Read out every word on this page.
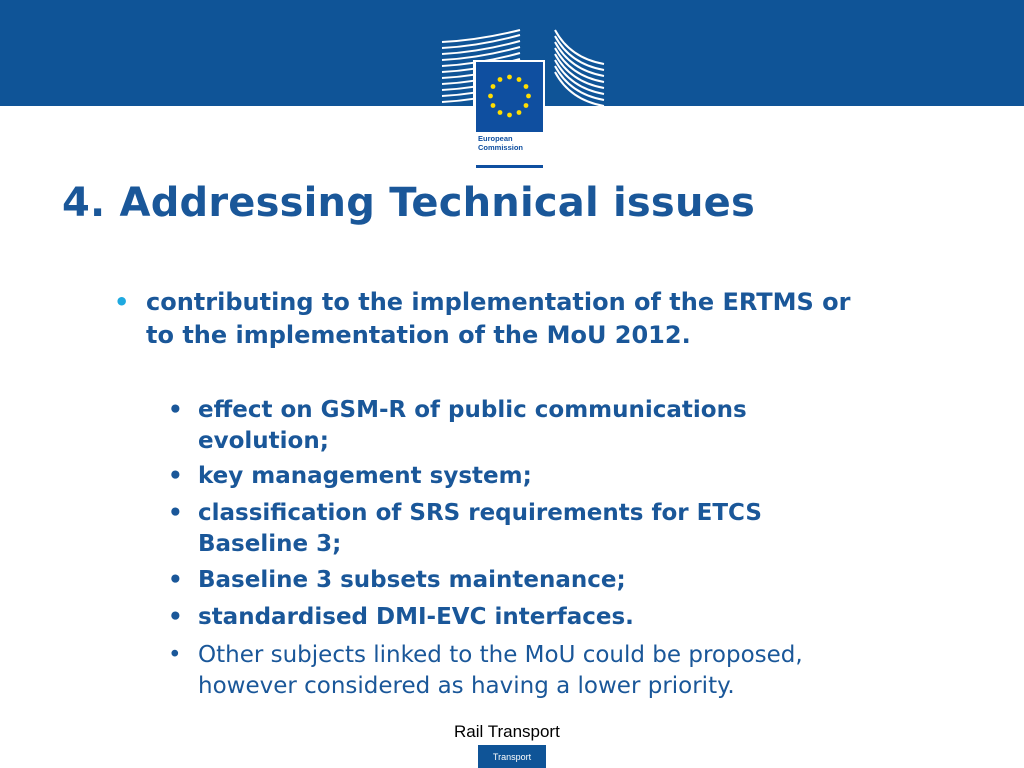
European
Commission
4. Addressing Technical issues
• contributing to the implementation of the ERTMS or to the implementation of the MoU 2012.
• effect on GSM-R of public communications evolution;
• key management system;
• classification of SRS requirements for ETCS Baseline 3;
• Baseline 3 subsets maintenance;
• standardised DMI-EVC interfaces.
• Other subjects linked to the MoU could be proposed, however considered as having a lower priority.
Rail Transport
Transport
